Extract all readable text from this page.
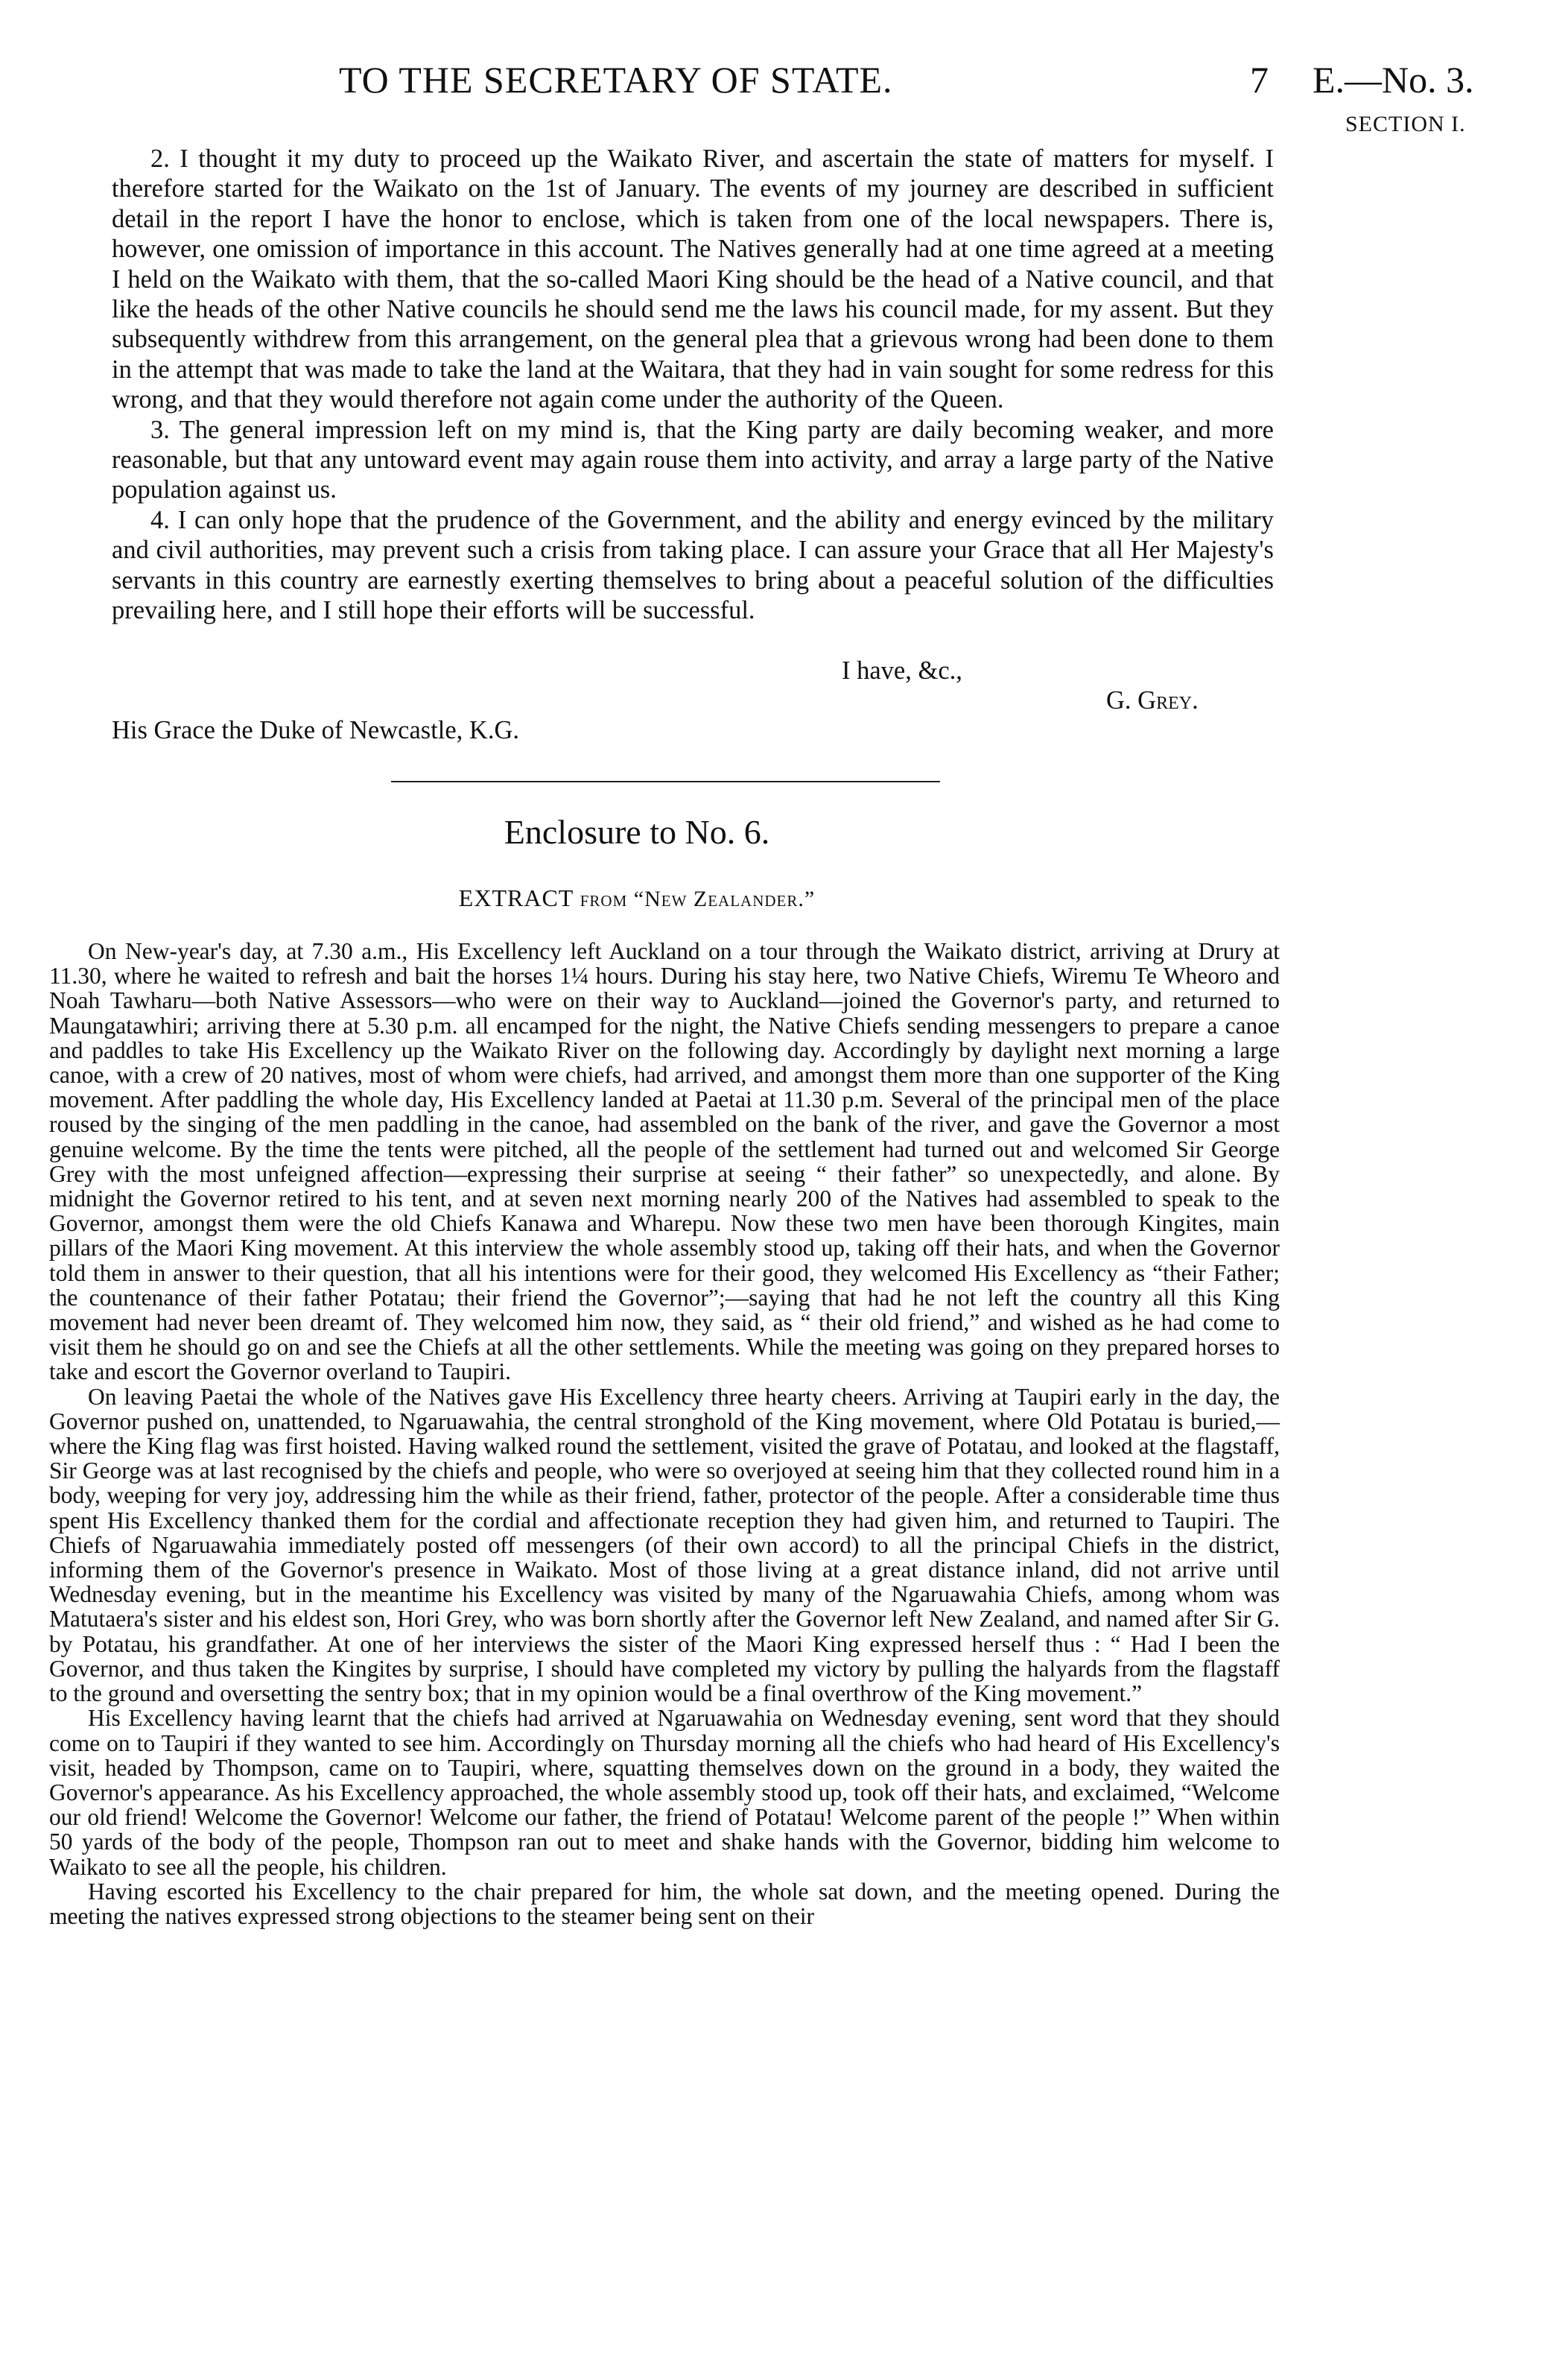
TO THE SECRETARY OF STATE.	7 E.—No. 3.
SECTION I.

2. I thought it my duty to proceed up the Waikato River, and ascertain the state of matters for myself. I therefore started for the Waikato on the 1st of January. The events of my journey are described in sufficient detail in the report I have the honor to enclose, which is taken from one of the local newspapers. There is, however, one omission of importance in this account. The Natives generally had at one time agreed at a meeting I held on the Waikato with them, that the so-called Maori King should be the head of a Native council, and that like the heads of the other Native councils he should send me the laws his council made, for my assent. But they subsequently withdrew from this arrangement, on the general plea that a grievous wrong had been done to them in the attempt that was made to take the land at the Waitara, that they had in vain sought for some redress for this wrong, and that they would therefore not again come under the authority of the Queen.

3. The general impression left on my mind is, that the King party are daily becoming weaker, and more reasonable, but that any untoward event may again rouse them into activity, and array a large party of the Native population against us.

4. I can only hope that the prudence of the Government, and the ability and energy evinced by the military and civil authorities, may prevent such a crisis from taking place. I can assure your Grace that all Her Majesty's servants in this country are earnestly exerting themselves to bring about a peaceful solution of the difficulties prevailing here, and I still hope their efforts will be successful.

I have, &c.,
G. Grey.
His Grace the Duke of Newcastle, K.G.
Enclosure to No. 6.
EXTRACT from “New Zealander.”

On New-year's day, at 7.30 a.m., His Excellency left Auckland on a tour through the Waikato district, arriving at Drury at 11.30, where he waited to refresh and bait the horses 1¼ hours. During his stay here, two Native Chiefs, Wiremu Te Wheoro and Noah Tawharu—both Native Assessors—who were on their way to Auckland—joined the Governor's party, and returned to Maungatawhiri; arriving there at 5.30 p.m. all encamped for the night, the Native Chiefs sending messengers to prepare a canoe and paddles to take His Excellency up the Waikato River on the following day. Accordingly by daylight next morning a large canoe, with a crew of 20 natives, most of whom were chiefs, had arrived, and amongst them more than one supporter of the King movement. After paddling the whole day, His Excellency landed at Paetai at 11.30 p.m. Several of the principal men of the place roused by the singing of the men paddling in the canoe, had assembled on the bank of the river, and gave the Governor a most genuine welcome. By the time the tents were pitched, all the people of the settlement had turned out and welcomed Sir George Grey with the most unfeigned affection—expressing their surprise at seeing “ their father” so unexpectedly, and alone. By midnight the Governor retired to his tent, and at seven next morning nearly 200 of the Natives had assembled to speak to the Governor, amongst them were the old Chiefs Kanawa and Wharepu. Now these two men have been thorough Kingites, main pillars of the Maori King movement. At this interview the whole assembly stood up, taking off their hats, and when the Governor told them in answer to their question, that all his intentions were for their good, they welcomed His Excellency as “their Father; the countenance of their father Potatau; their friend the Governor”;—saying that had he not left the country all this King movement had never been dreamt of. They welcomed him now, they said, as “ their old friend,” and wished as he had come to visit them he should go on and see the Chiefs at all the other settlements. While the meeting was going on they prepared horses to take and escort the Governor overland to Taupiri.

On leaving Paetai the whole of the Natives gave His Excellency three hearty cheers. Arriving at Taupiri early in the day, the Governor pushed on, unattended, to Ngaruawahia, the central stronghold of the King movement, where Old Potatau is buried,—where the King flag was first hoisted. Having walked round the settlement, visited the grave of Potatau, and looked at the flagstaff, Sir George was at last recognised by the chiefs and people, who were so overjoyed at seeing him that they collected round him in a body, weeping for very joy, addressing him the while as their friend, father, protector of the people. After a considerable time thus spent His Excellency thanked them for the cordial and affectionate reception they had given him, and returned to Taupiri. The Chiefs of Ngaruawahia immediately posted off messengers (of their own accord) to all the principal Chiefs in the district, informing them of the Governor's presence in Waikato. Most of those living at a great distance inland, did not arrive until Wednesday evening, but in the meantime his Excellency was visited by many of the Ngaruawahia Chiefs, among whom was Matutaera's sister and his eldest son, Hori Grey, who was born shortly after the Governor left New Zealand, and named after Sir G. by Potatau, his grandfather. At one of her interviews the sister of the Maori King expressed herself thus : “ Had I been the Governor, and thus taken the Kingites by surprise, I should have completed my victory by pulling the halyards from the flagstaff to the ground and oversetting the sentry box; that in my opinion would be a final overthrow of the King movement.”

His Excellency having learnt that the chiefs had arrived at Ngaruawahia on Wednesday evening, sent word that they should come on to Taupiri if they wanted to see him. Accordingly on Thursday morning all the chiefs who had heard of His Excellency's visit, headed by Thompson, came on to Taupiri, where, squatting themselves down on the ground in a body, they waited the Governor's appearance. As his Excellency approached, the whole assembly stood up, took off their hats, and exclaimed, “Welcome our old friend! Welcome the Governor! Welcome our father, the friend of Potatau! Welcome parent of the people !” When within 50 yards of the body of the people, Thompson ran out to meet and shake hands with the Governor, bidding him welcome to Waikato to see all the people, his children.

Having escorted his Excellency to the chair prepared for him, the whole sat down, and the meeting opened. During the meeting the natives expressed strong objections to the steamer being sent on their
